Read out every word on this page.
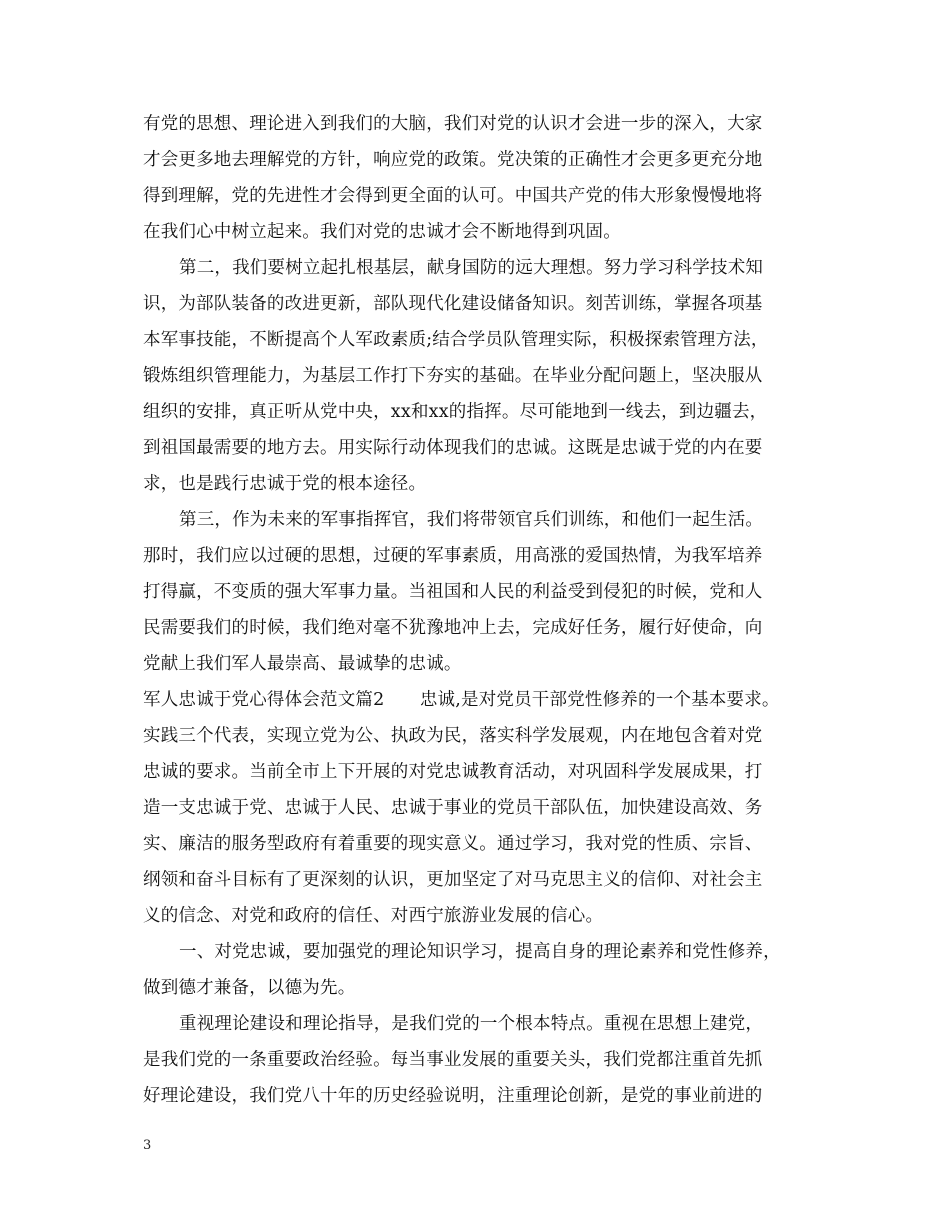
有党的思想、理论进入到我们的大脑，我们对党的认识才会进一步的深入，大家
才会更多地去理解党的方针，响应党的政策。党决策的正确性才会更多更充分地
得到理解，党的先进性才会得到更全面的认可。中国共产党的伟大形象慢慢地将
在我们心中树立起来。我们对党的忠诚才会不断地得到巩固。
第二，我们要树立起扎根基层，献身国防的远大理想。努力学习科学技术知
识，为部队装备的改进更新，部队现代化建设储备知识。刻苦训练，掌握各项基
本军事技能，不断提高个人军政素质;结合学员队管理实际，积极探索管理方法，
锻炼组织管理能力，为基层工作打下夯实的基础。在毕业分配问题上，坚决服从
组织的安排，真正听从党中央，xx和xx的指挥。尽可能地到一线去，到边疆去，
到祖国最需要的地方去。用实际行动体现我们的忠诚。这既是忠诚于党的内在要
求，也是践行忠诚于党的根本途径。
第三，作为未来的军事指挥官，我们将带领官兵们训练，和他们一起生活。
那时，我们应以过硬的思想，过硬的军事素质，用高涨的爱国热情，为我军培养
打得赢，不变质的强大军事力量。当祖国和人民的利益受到侵犯的时候，党和人
民需要我们的时候，我们绝对毫不犹豫地冲上去，完成好任务，履行好使命，向
党献上我们军人最崇高、最诚挚的忠诚。
军人忠诚于党心得体会范文篇2　　忠诚,是对党员干部党性修养的一个基本要求。
实践三个代表，实现立党为公、执政为民，落实科学发展观，内在地包含着对党
忠诚的要求。当前全市上下开展的对党忠诚教育活动，对巩固科学发展成果，打
造一支忠诚于党、忠诚于人民、忠诚于事业的党员干部队伍，加快建设高效、务
实、廉洁的服务型政府有着重要的现实意义。通过学习，我对党的性质、宗旨、
纲领和奋斗目标有了更深刻的认识，更加坚定了对马克思主义的信仰、对社会主
义的信念、对党和政府的信任、对西宁旅游业发展的信心。
一、对党忠诚，要加强党的理论知识学习，提高自身的理论素养和党性修养，
做到德才兼备，以德为先。
重视理论建设和理论指导，是我们党的一个根本特点。重视在思想上建党，
是我们党的一条重要政治经验。每当事业发展的重要关头，我们党都注重首先抓
好理论建设，我们党八十年的历史经验说明，注重理论创新，是党的事业前进的
3
